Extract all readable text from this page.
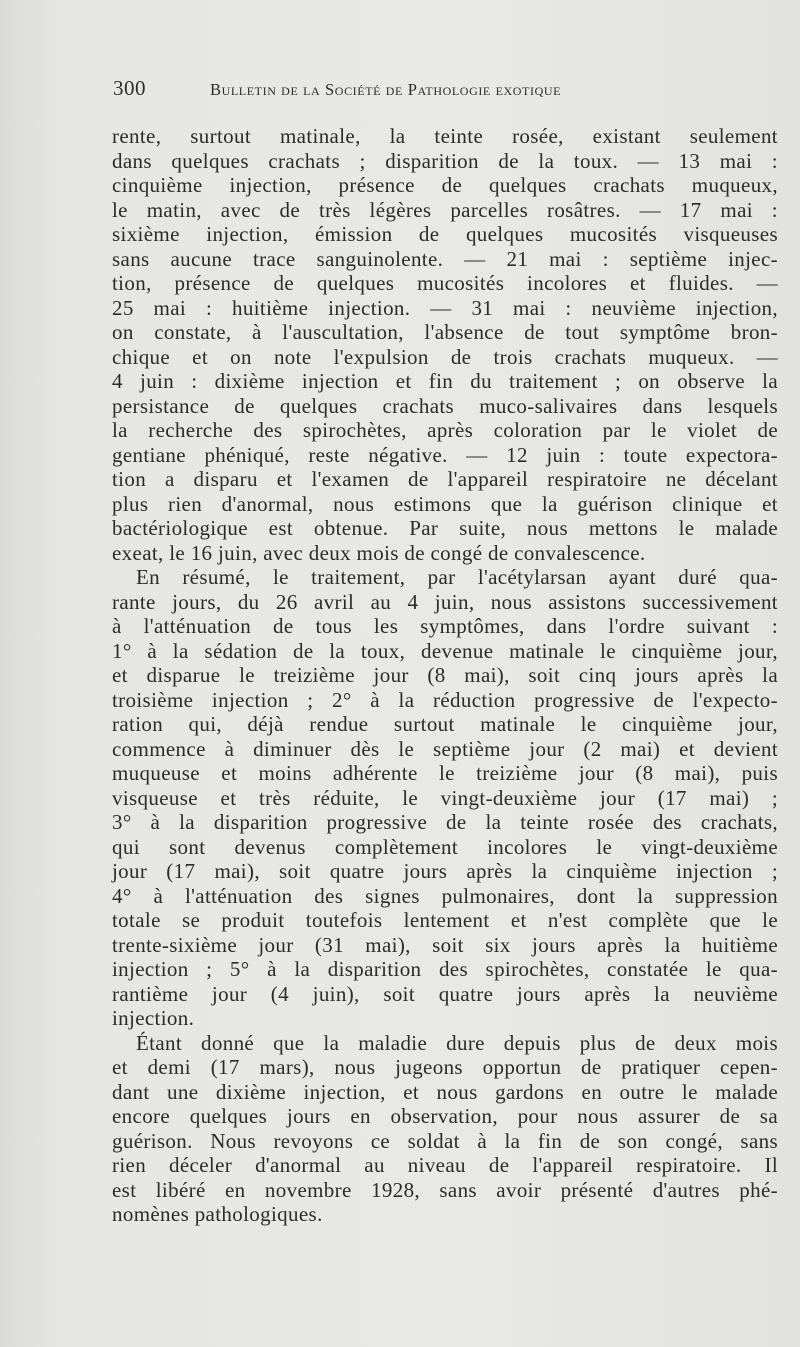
300	Bulletin de la Société de Pathologie exotique
rente, surtout matinale, la teinte rosée, existant seulement
dans quelques crachats ; disparition de la toux. — 13 mai :
cinquième injection, présence de quelques crachats muqueux,
le matin, avec de très légères parcelles rosâtres. — 17 mai :
sixième injection, émission de quelques mucosités visqueuses
sans aucune trace sanguinolente. — 21 mai : septième injec-
tion, présence de quelques mucosités incolores et fluides. —
25 mai : huitième injection. — 31 mai : neuvième injection,
on constate, à l'auscultation, l'absence de tout symptôme bron-
chique et on note l'expulsion de trois crachats muqueux. —
4 juin : dixième injection et fin du traitement ; on observe la
persistance de quelques crachats muco-salivaires dans lesquels
la recherche des spirochètes, après coloration par le violet de
gentiane phéniqué, reste négative. — 12 juin : toute expectora-
tion a disparu et l'examen de l'appareil respiratoire ne décelant
plus rien d'anormal, nous estimons que la guérison clinique et
bactériologique est obtenue. Par suite, nous mettons le malade
exeat, le 16 juin, avec deux mois de congé de convalescence.
En résumé, le traitement, par l'acétylarsan ayant duré qua-
rante jours, du 26 avril au 4 juin, nous assistons successivement
à l'atténuation de tous les symptômes, dans l'ordre suivant :
1° à la sédation de la toux, devenue matinale le cinquième jour,
et disparue le treizième jour (8 mai), soit cinq jours après la
troisième injection ; 2° à la réduction progressive de l'expecto-
ration qui, déjà rendue surtout matinale le cinquième jour,
commence à diminuer dès le septième jour (2 mai) et devient
muqueuse et moins adhérente le treizième jour (8 mai), puis
visqueuse et très réduite, le vingt-deuxième jour (17 mai) ;
3° à la disparition progressive de la teinte rosée des crachats,
qui sont devenus complètement incolores le vingt-deuxième
jour (17 mai), soit quatre jours après la cinquième injection ;
4° à l'atténuation des signes pulmonaires, dont la suppression
totale se produit toutefois lentement et n'est complète que le
trente-sixième jour (31 mai), soit six jours après la huitième
injection ; 5° à la disparition des spirochètes, constatée le qua-
rantième jour (4 juin), soit quatre jours après la neuvième
injection.
Étant donné que la maladie dure depuis plus de deux mois
et demi (17 mars), nous jugeons opportun de pratiquer cepen-
dant une dixième injection, et nous gardons en outre le malade
encore quelques jours en observation, pour nous assurer de sa
guérison. Nous revoyons ce soldat à la fin de son congé, sans
rien déceler d'anormal au niveau de l'appareil respiratoire. Il
est libéré en novembre 1928, sans avoir présenté d'autres phé-
nomènes pathologiques.
